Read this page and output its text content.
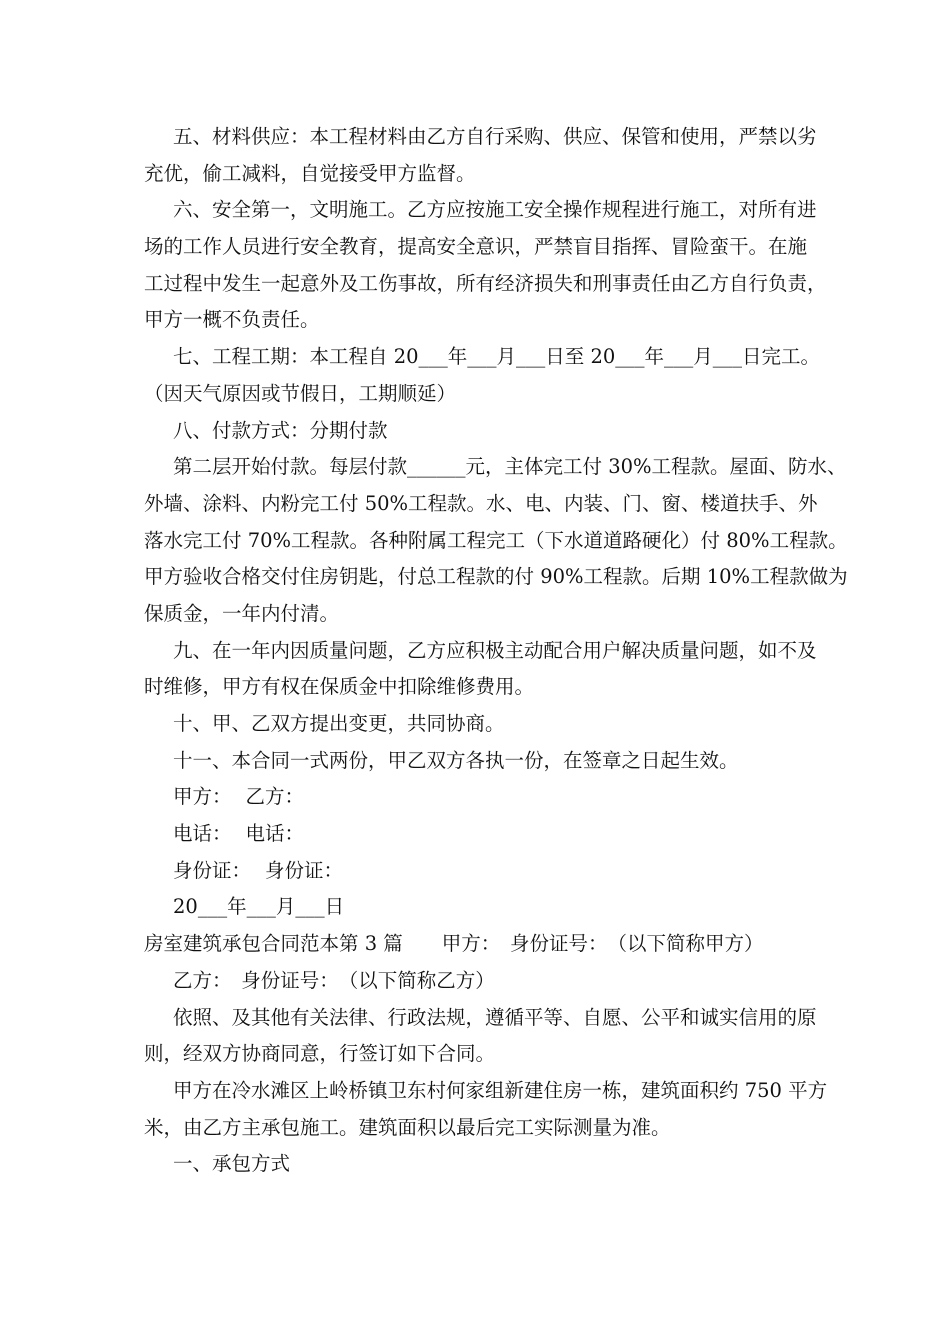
五、材料供应：本工程材料由乙方自行采购、供应、保管和使用，严禁以劣
充优，偷工减料，自觉接受甲方监督。
六、安全第一，文明施工。乙方应按施工安全操作规程进行施工，对所有进
场的工作人员进行安全教育，提高安全意识，严禁盲目指挥、冒险蛮干。在施
工过程中发生一起意外及工伤事故，所有经济损失和刑事责任由乙方自行负责，
甲方一概不负责任。
七、工程工期：本工程自 20___年___月___日至 20___年___月___日完工。
（因天气原因或节假日，工期顺延）
八、付款方式：分期付款
第二层开始付款。每层付款______元，主体完工付 30%工程款。屋面、防水、
外墙、涂料、内粉完工付 50%工程款。水、电、内装、门、窗、楼道扶手、外
落水完工付 70%工程款。各种附属工程完工（下水道道路硬化）付 80%工程款。
甲方验收合格交付住房钥匙，付总工程款的付 90%工程款。后期 10%工程款做为
保质金，一年内付清。
九、在一年内因质量问题，乙方应积极主动配合用户解决质量问题，如不及
时维修，甲方有权在保质金中扣除维修费用。
十、甲、乙双方提出变更，共同协商。
十一、本合同一式两份，甲乙双方各执一份，在签章之日起生效。
甲方： 乙方：
电话： 电话：
身份证： 身份证：
20___年___月___日
房室建筑承包合同范本第 3 篇　　甲方：　身份证号：　（以下简称甲方）
乙方：　身份证号：　（以下简称乙方）
依照、及其他有关法律、行政法规，遵循平等、自愿、公平和诚实信用的原
则，经双方协商同意，行签订如下合同。
甲方在冷水滩区上岭桥镇卫东村何家组新建住房一栋，建筑面积约 750 平方
米，由乙方主承包施工。建筑面积以最后完工实际测量为准。
一、承包方式
